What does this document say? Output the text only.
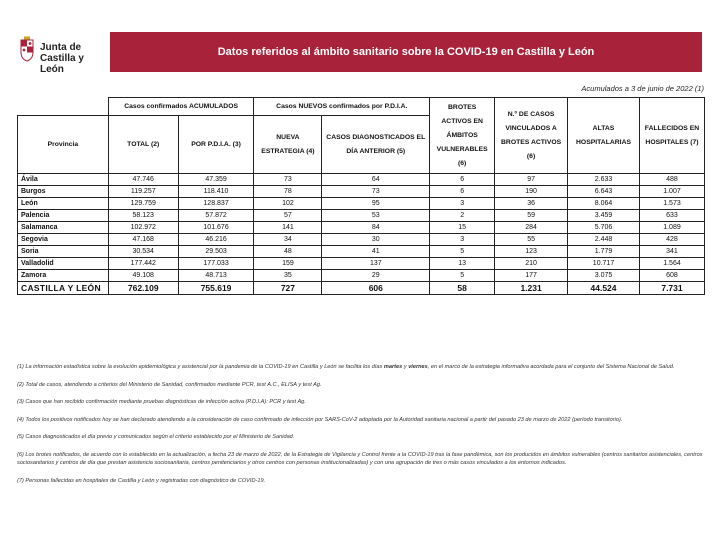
Junta de
Castilla y León
Datos referidos al ámbito sanitario sobre la COVID-19 en Castilla y León
Acumulados a 3 de junio de 2022 (1)
	Casos confirmados ACUMULADOS		Casos NUEVOS confirmados por P.D.I.A.		BROTES ACTIVOS EN ÁMBITOS VULNERABLES (6)	N.º DE CASOS VINCULADOS A BROTES ACTIVOS (6)	ALTAS HOSPITALARIAS	FALLECIDOS EN HOSPITALES (7)
Provincia	TOTAL (2)	POR P.D.I.A. (3)	NUEVA ESTRATEGIA (4)	CASOS DIAGNOSTICADOS EL DÍA ANTERIOR (5)				
Ávila	47.746	47.359	73	64	6	97	2.633	488
Burgos	119.257	118.410	78	73	6	190	6.643	1.007
León	129.759	128.837	102	95	3	36	8.064	1.573
Palencia	58.123	57.872	57	53	2	59	3.459	633
Salamanca	102.972	101.676	141	84	15	284	5.706	1.089
Segovia	47.168	46.216	34	30	3	55	2.448	428
Soria	30.534	29.503	48	41	5	123	1.779	341
Valladolid	177.442	177.033	159	137	13	210	10.717	1.564
Zamora	49.108	48.713	35	29	5	177	3.075	608
CASTILLA Y LEÓN	762.109	755.619	727	606	58	1.231	44.524	7.731

(1) La información estadística sobre la evolución epidemiológica y asistencial por la pandemia de la COVID-19 en Castilla y León se facilita los días martes y viernes, en el marco de la estrategia informativa acordada para el conjunto del Sistema Nacional de Salud.

(2) Total de casos, atendiendo a criterios del Ministerio de Sanidad, confirmados mediante PCR, test A.C., ELISA y test Ag.

(3) Casos que han recibido confirmación mediante pruebas diagnósticas de infección activa (P.D.I.A): PCR y test Ag.

(4) Todos los positivos notificados hoy se han declarado atendiendo a la consideración de caso confirmado de infección por SARS-CoV-2 adoptada por la Autoridad sanitaria nacional a partir del pasado 23 de marzo de 2022 (período transitorio).

(5) Casos diagnosticados el día previo y comunicados según el criterio establecido por el Ministerio de Sanidad.

(6) Los brotes notificados, de acuerdo con lo establecido en la actualización, a fecha 23 de marzo de 2022, de la Estrategia de Vigilancia y Control frente a la COVID-19 tras la fase pandémica, son los producidos en ámbitos vulnerables (centros sanitarios asistenciales, centros sociosanitarios y centros de día que prestan asistencia sociosanitaria, centros penitenciarios y otros centros con personas institucionalizadas) y con una agrupación de tres o más casos vinculados a los entornos indicados.

(7) Personas fallecidas en hospitales de Castilla y León y registradas con diagnóstico de COVID-19.
